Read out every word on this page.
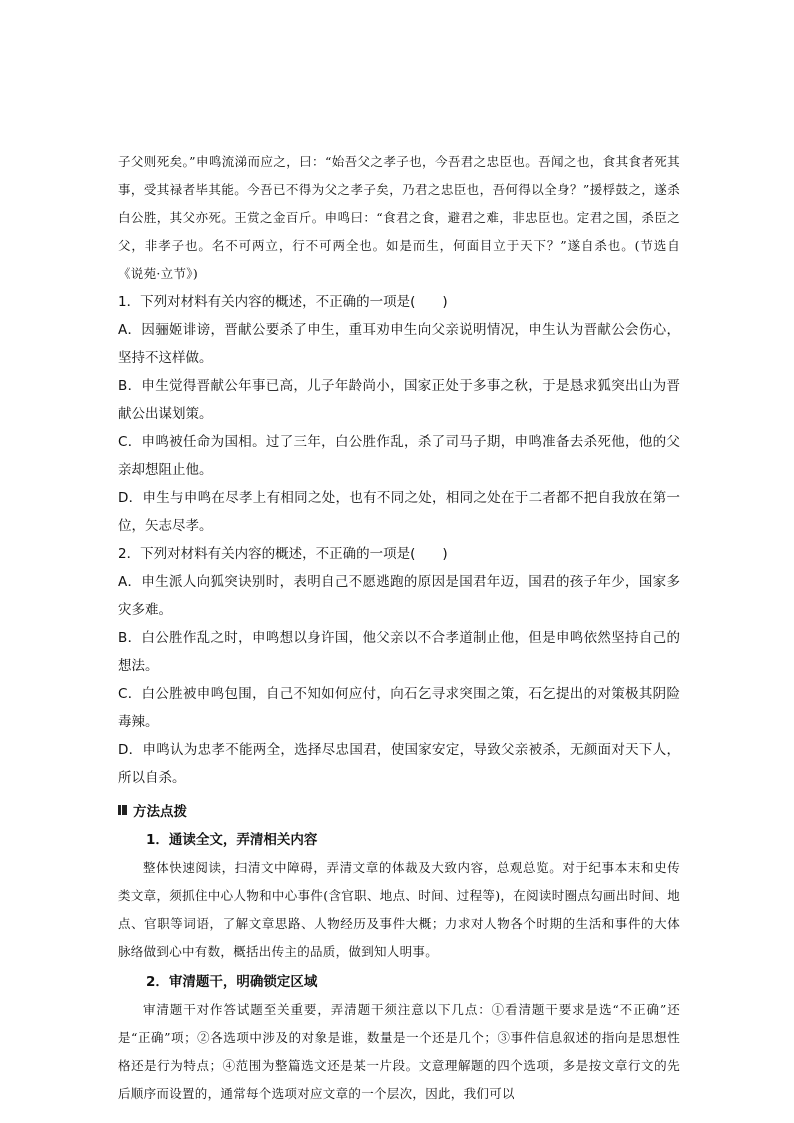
子父则死矣。”申鸣流涕而应之，曰：“始吾父之孝子也，今吾君之忠臣也。吾闻之也，食其食者死其事，受其禄者毕其能。今吾已不得为父之孝子矣，乃君之忠臣也，吾何得以全身？”援桴鼓之，遂杀白公胜，其父亦死。王赏之金百斤。申鸣曰：“食君之食，避君之难，非忠臣也。定君之国，杀臣之父，非孝子也。名不可两立，行不可两全也。如是而生，何面目立于天下？”遂自杀也。(节选自《说苑·立节》)

1．下列对材料有关内容的概述，不正确的一项是(　　)

A．因骊姬诽谤，晋献公要杀了申生，重耳劝申生向父亲说明情况，申生认为晋献公会伤心，坚持不这样做。

B．申生觉得晋献公年事已高，儿子年龄尚小，国家正处于多事之秋，于是恳求狐突出山为晋献公出谋划策。

C．申鸣被任命为国相。过了三年，白公胜作乱，杀了司马子期，申鸣准备去杀死他，他的父亲却想阻止他。

D．申生与申鸣在尽孝上有相同之处，也有不同之处，相同之处在于二者都不把自我放在第一位，矢志尽孝。

2．下列对材料有关内容的概述，不正确的一项是(　　)

A．申生派人向狐突诀别时，表明自己不愿逃跑的原因是国君年迈，国君的孩子年少，国家多灾多难。

B．白公胜作乱之时，申鸣想以身许国，他父亲以不合孝道制止他，但是申鸣依然坚持自己的想法。

C．白公胜被申鸣包围，自己不知如何应付，向石乞寻求突围之策，石乞提出的对策极其阴险毒辣。

D．申鸣认为忠孝不能两全，选择尽忠国君，使国家安定，导致父亲被杀，无颜面对天下人，所以自杀。

方法点拨
1．通读全文，弄清相关内容

整体快速阅读，扫清文中障碍，弄清文章的体裁及大致内容，总观总览。对于纪事本末和史传类文章，须抓住中心人物和中心事件(含官职、地点、时间、过程等)，在阅读时圈点勾画出时间、地点、官职等词语，了解文章思路、人物经历及事件大概；力求对人物各个时期的生活和事件的大体脉络做到心中有数，概括出传主的品质，做到知人明事。

2．审清题干，明确锁定区域

审清题干对作答试题至关重要，弄清题干须注意以下几点：①看清题干要求是选“不正确”还是“正确”项；②各选项中涉及的对象是谁，数量是一个还是几个；③事件信息叙述的指向是思想性格还是行为特点；④范围为整篇选文还是某一片段。文意理解题的四个选项，多是按文章行文的先后顺序而设置的，通常每个选项对应文章的一个层次，因此，我们可以
